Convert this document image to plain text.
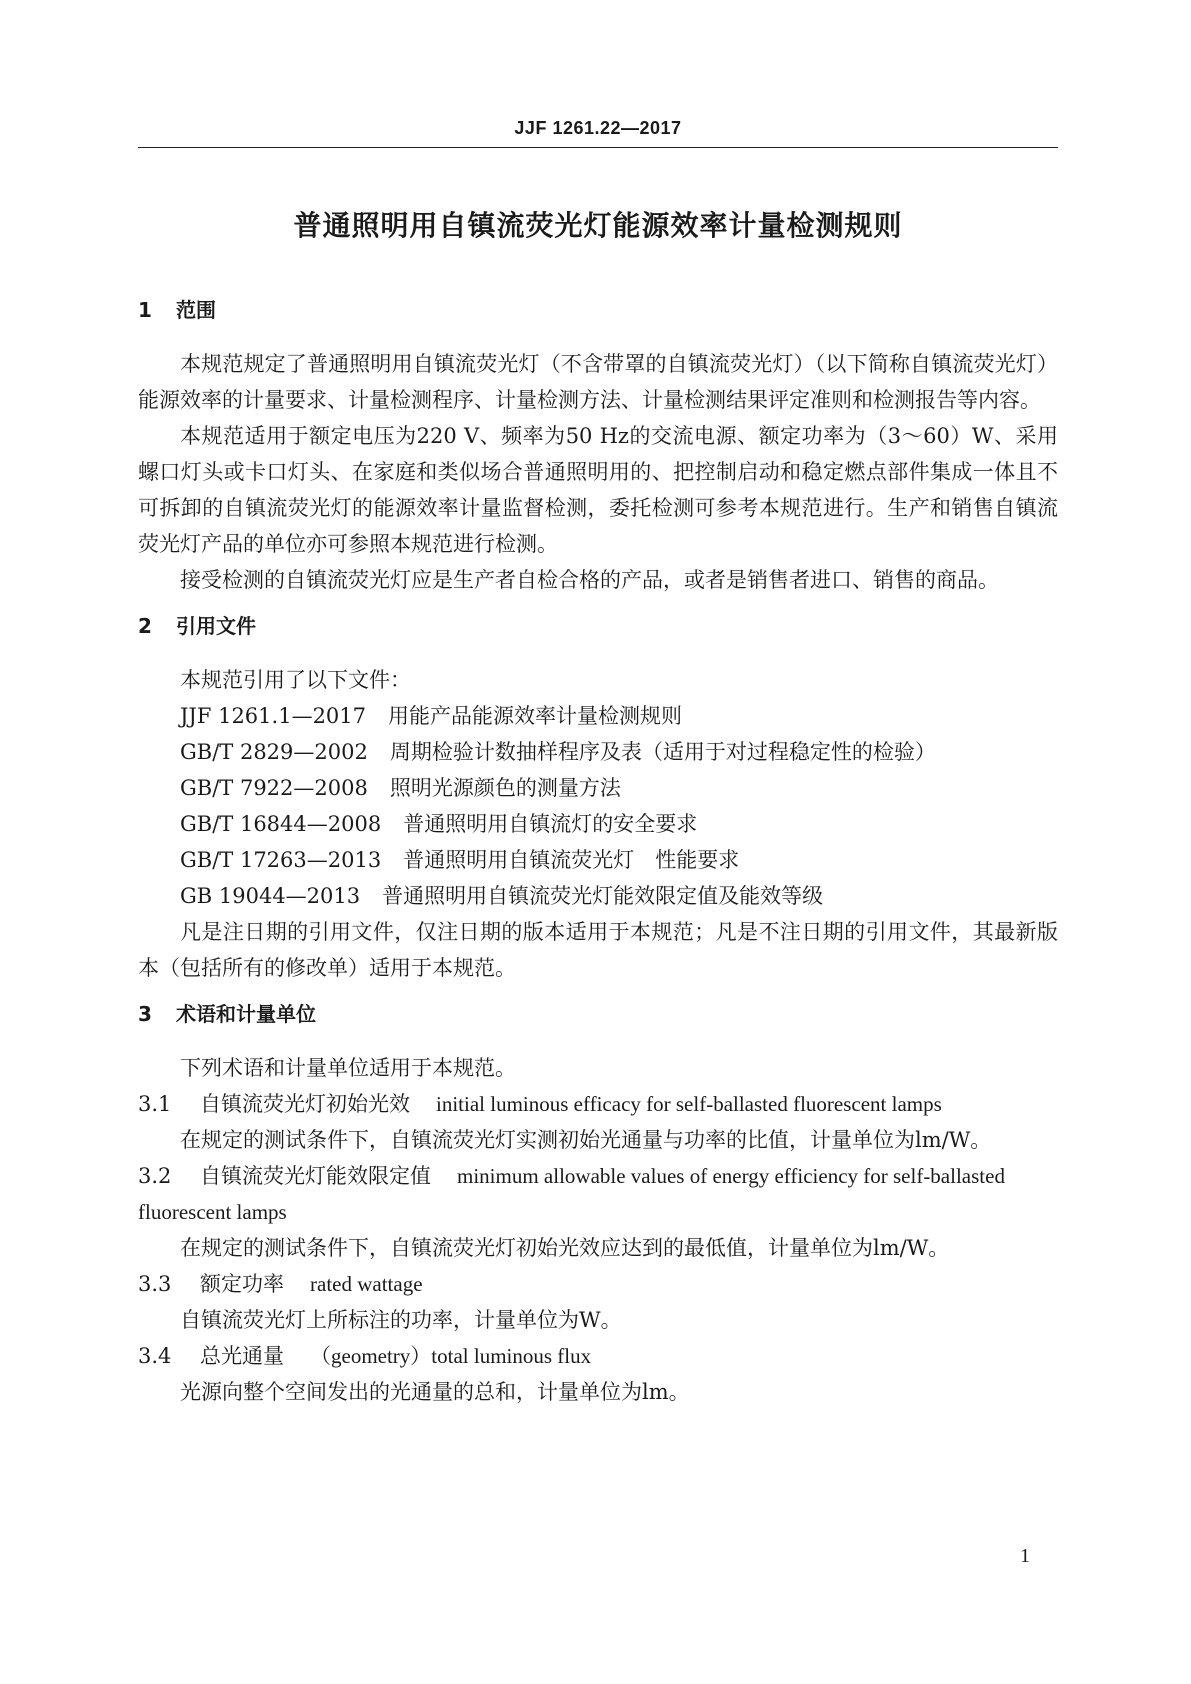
JJF 1261.22—2017
普通照明用自镇流荧光灯能源效率计量检测规则
1 范围
本规范规定了普通照明用自镇流荧光灯（不含带罩的自镇流荧光灯）（以下简称自镇流荧光灯）能源效率的计量要求、计量检测程序、计量检测方法、计量检测结果评定准则和检测报告等内容。
本规范适用于额定电压为220 V、频率为50 Hz的交流电源、额定功率为（3～60）W、采用螺口灯头或卡口灯头、在家庭和类似场合普通照明用的、把控制启动和稳定燃点部件集成一体且不可拆卸的自镇流荧光灯的能源效率计量监督检测，委托检测可参考本规范进行。生产和销售自镇流荧光灯产品的单位亦可参照本规范进行检测。
接受检测的自镇流荧光灯应是生产者自检合格的产品，或者是销售者进口、销售的商品。
2 引用文件
本规范引用了以下文件：
JJF 1261.1—2017 用能产品能源效率计量检测规则
GB/T 2829—2002 周期检验计数抽样程序及表（适用于对过程稳定性的检验）
GB/T 7922—2008 照明光源颜色的测量方法
GB/T 16844—2008 普通照明用自镇流灯的安全要求
GB/T 17263—2013 普通照明用自镇流荧光灯　性能要求
GB 19044—2013 普通照明用自镇流荧光灯能效限定值及能效等级
凡是注日期的引用文件，仅注日期的版本适用于本规范；凡是不注日期的引用文件，其最新版本（包括所有的修改单）适用于本规范。
3 术语和计量单位
下列术语和计量单位适用于本规范。
3.1 自镇流荧光灯初始光效 initial luminous efficacy for self-ballasted fluorescent lamps
在规定的测试条件下，自镇流荧光灯实测初始光通量与功率的比值，计量单位为lm/W。
3.2 自镇流荧光灯能效限定值 minimum allowable values of energy efficiency for self-ballasted fluorescent lamps
在规定的测试条件下，自镇流荧光灯初始光效应达到的最低值，计量单位为lm/W。
3.3 额定功率 rated wattage
自镇流荧光灯上所标注的功率，计量单位为W。
3.4 总光通量 （geometry）total luminous flux
光源向整个空间发出的光通量的总和，计量单位为lm。
1
